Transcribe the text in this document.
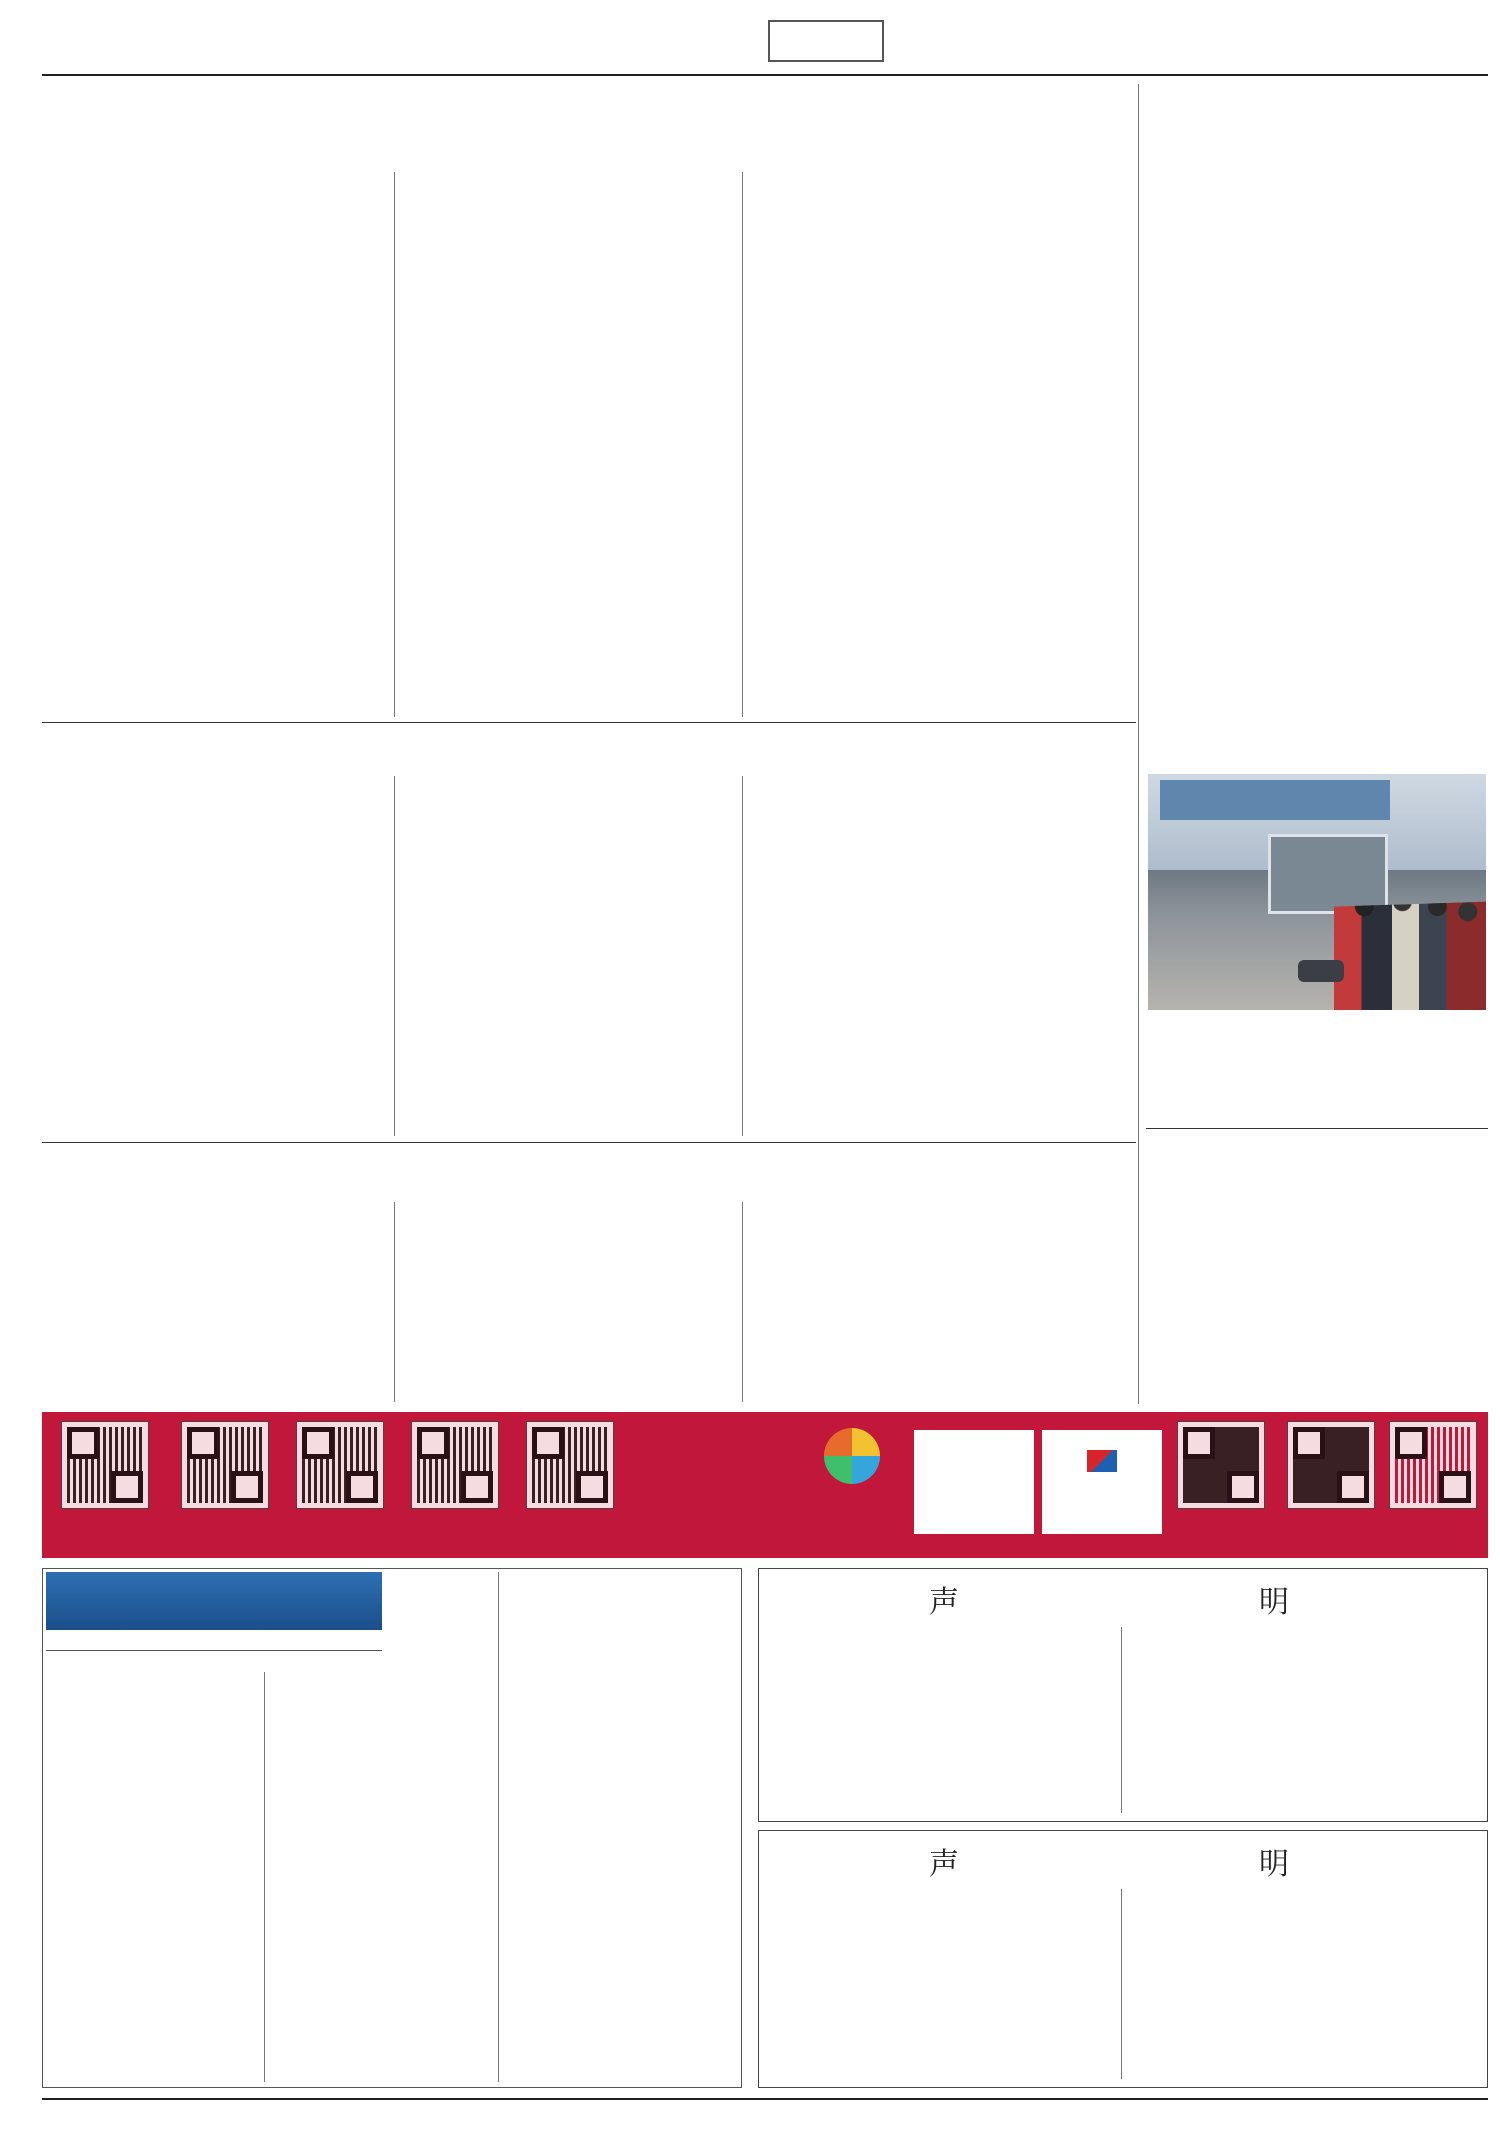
声	明

声	明
